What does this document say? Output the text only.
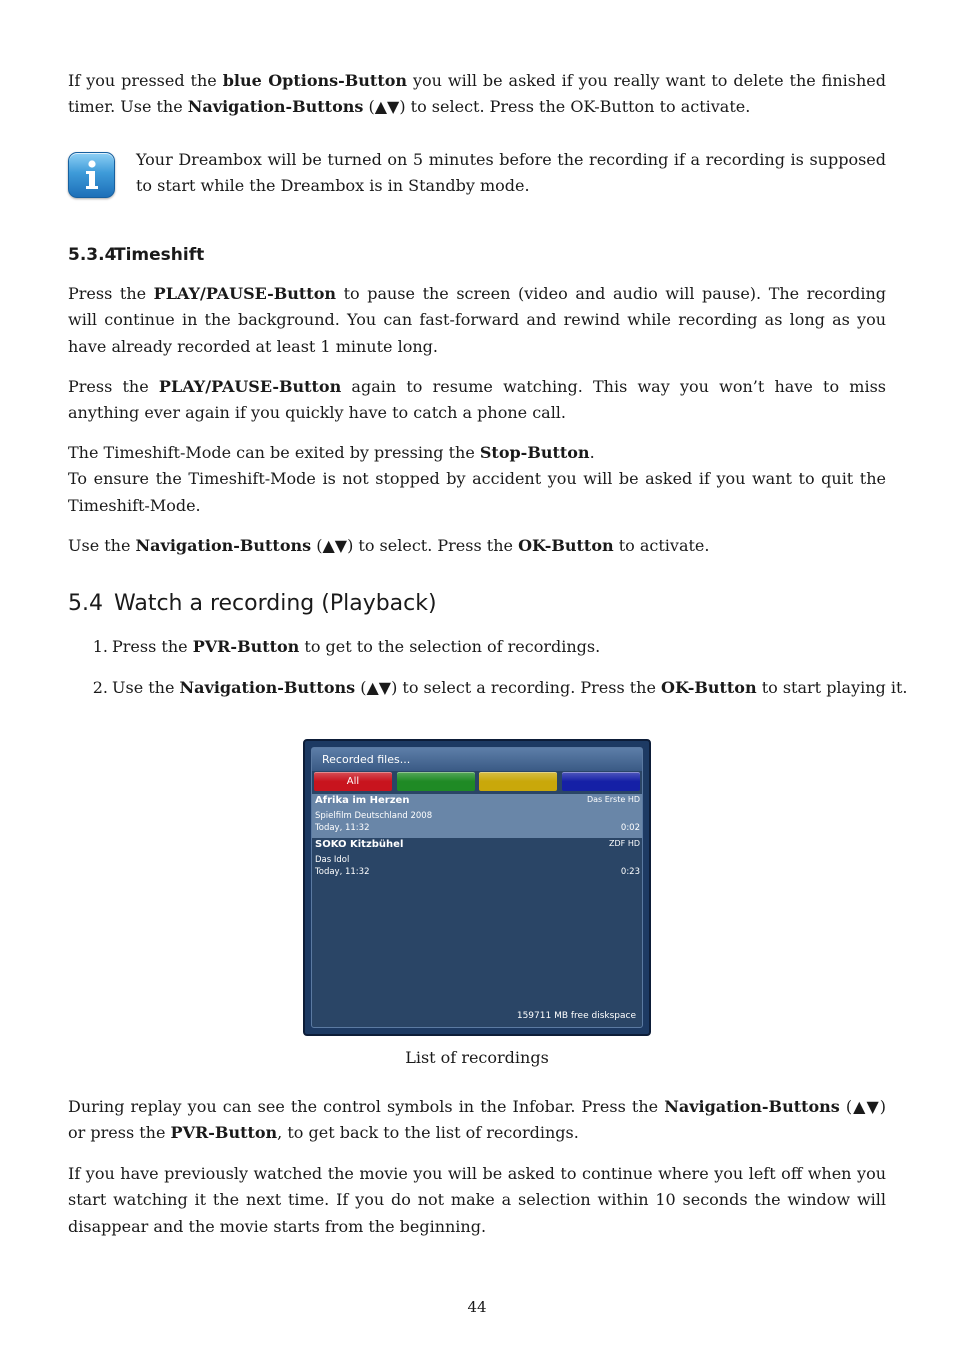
If you pressed the blue Options-Button you will be asked if you really want to delete the finished timer. Use the Navigation-Buttons (▲▼) to select. Press the OK-Button to activate.

Your Dreambox will be turned on 5 minutes before the recording if a recording is supposed to start while the Dreambox is in Standby mode.

5.3.4Timeshift

Press the PLAY/PAUSE-Button to pause the screen (video and audio will pause). The recording will continue in the background. You can fast-forward and rewind while recording as long as you have already recorded at least 1 minute long.

Press the PLAY/PAUSE-Button again to resume watching. This way you won’t have to miss anything ever again if you quickly have to catch a phone call.

The Timeshift-Mode can be exited by pressing the Stop-Button.
To ensure the Timeshift-Mode is not stopped by accident you will be asked if you want to quit the Timeshift-Mode.

Use the Navigation-Buttons (▲▼) to select. Press the OK-Button to activate.

5.4 Watch a recording (Playback)
1. Press the PVR-Button to get to the selection of recordings.
2. Use the Navigation-Buttons (▲▼) to select a recording. Press the OK-Button to start playing it.
Recorded files...
All
Afrika im Herzen	Das Erste HD
Spielfilm Deutschland 2008
Today, 11:32	0:02
SOKO Kitzbühel	ZDF HD
Das Idol
Today, 11:32	0:23
159711 MB free diskspace
List of recordings

During replay you can see the control symbols in the Infobar. Press the Navigation-Buttons (▲▼) or press the PVR-Button, to get back to the list of recordings.

If you have previously watched the movie you will be asked to continue where you left off when you start watching it the next time. If you do not make a selection within 10 seconds the window will disappear and the movie starts from the beginning.

44
